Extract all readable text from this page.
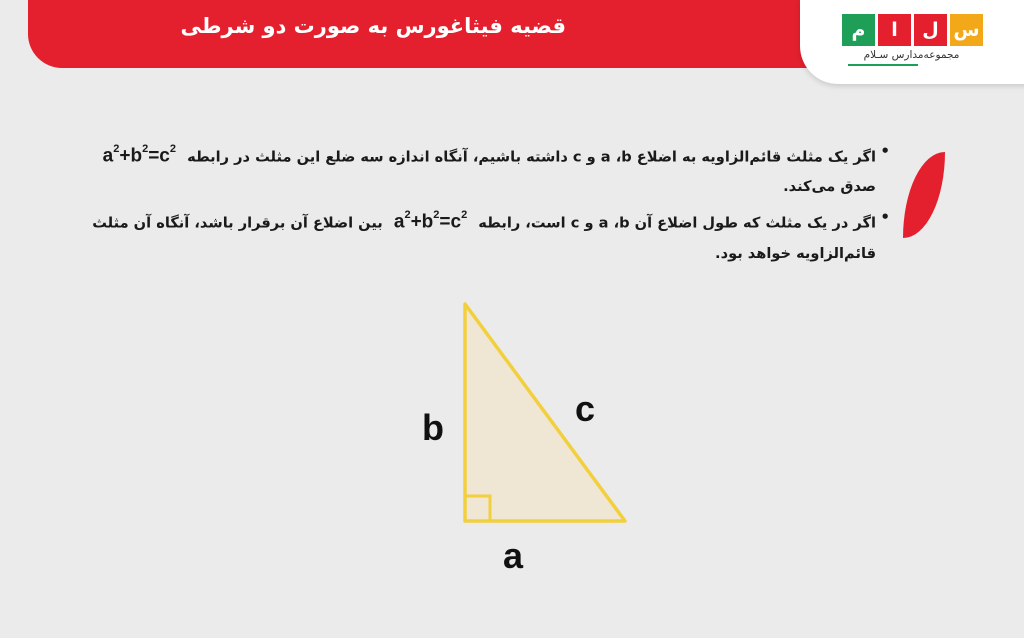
قضیه فیثاغورس به صورت دو شرطی	م	ا	ل س
مجموعه‌مدارس سـلام
• اگر یک مثلث قائم‌الزاویه به اضلاع a ،b و c داشته باشیم، آنگاه اندازه سه ضلع این مثلث در رابطه $a^2+b^2=c^2$ صدق می‌کند.
• اگر در یک مثلث که طول اضلاع آن a ،b و c است، رابطه $a^2+b^2=c^2$ بین اضلاع آن برقرار باشد، آنگاه آن مثلث قائم‌الزاویه خواهد بود.
b	c
a
